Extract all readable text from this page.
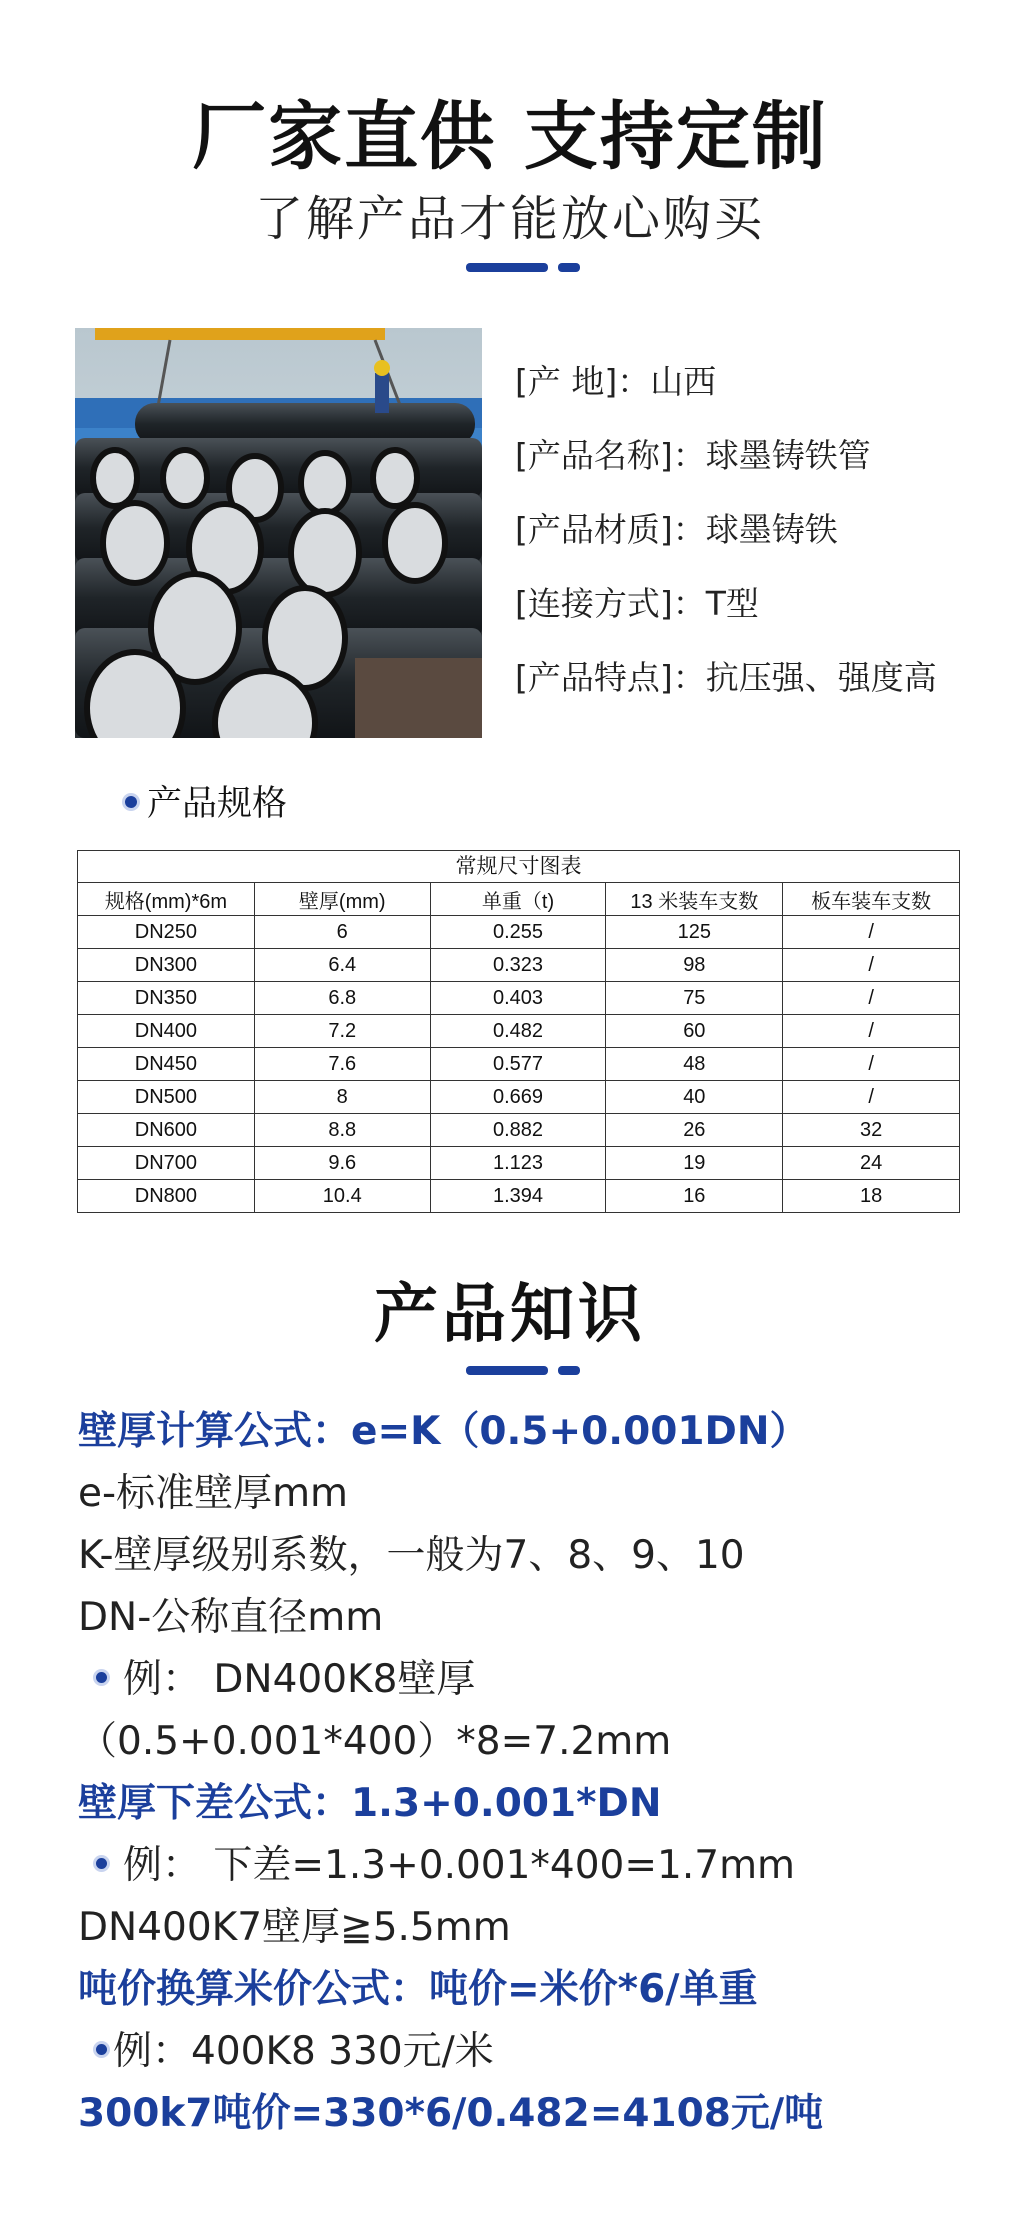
厂家直供 支持定制
了解产品才能放心购买
[产 地]：山西
[产品名称]：球墨铸铁管
[产品材质]：球墨铸铁
[连接方式]：T型
[产品特点]：抗压强、强度高
产品规格
常规尺寸图表
规格(mm)*6m	壁厚(mm)	单重（t)	13 米装车支数	板车装车支数
DN250	6	0.255	125	/
DN300	6.4	0.323	98	/
DN350	6.8	0.403	75	/
DN400	7.2	0.482	60	/
DN450	7.6	0.577	48	/
DN500	8	0.669	40	/
DN600	8.8	0.882	26	32
DN700	9.6	1.123	19	24
DN800	10.4	1.394	16	18
产品知识
壁厚计算公式：e=K（0.5+0.001DN）
e-标准壁厚mm
K-壁厚级别系数，一般为7、8、9、10
DN-公称直径mm
例： DN400K8壁厚
（0.5+0.001*400）*8=7.2mm
壁厚下差公式：1.3+0.001*DN
例： 下差=1.3+0.001*400=1.7mm
DN400K7壁厚≧5.5mm
吨价换算米价公式：吨价=米价*6/单重
例：400K8 330元/米
300k7吨价=330*6/0.482=4108元/吨
